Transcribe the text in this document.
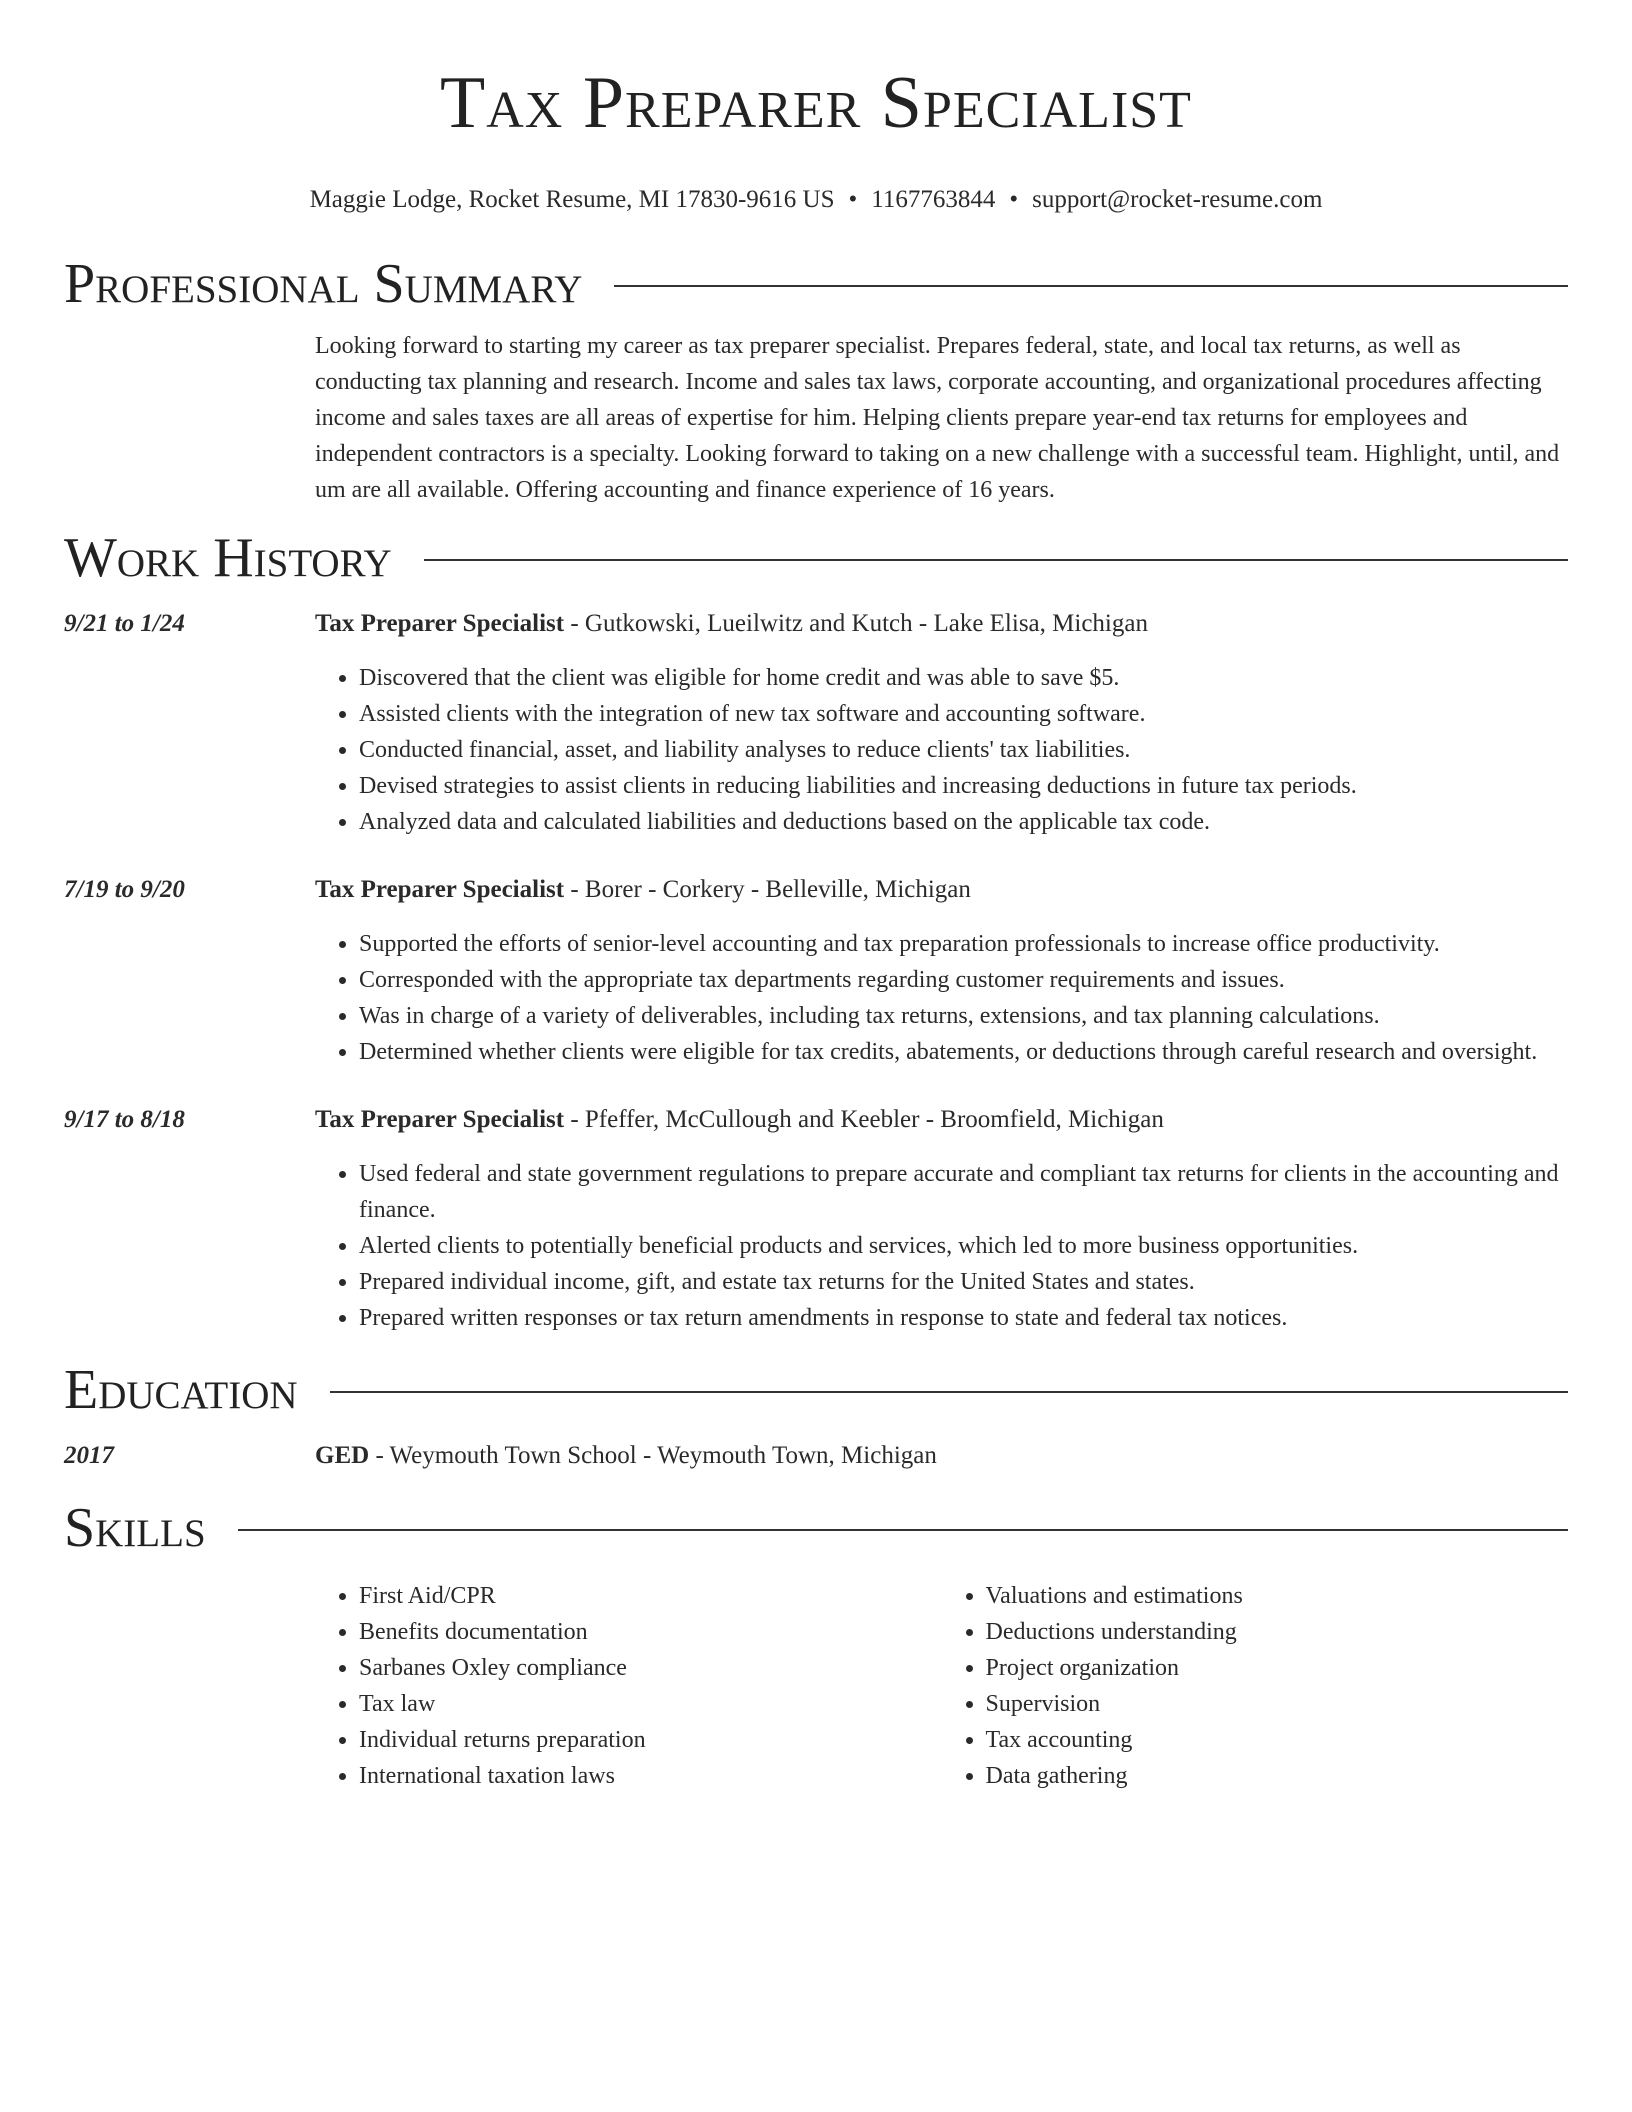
Tax Preparer Specialist
Maggie Lodge, Rocket Resume, MI 17830-9616 US • 1167763844 • support@rocket-resume.com
Professional Summary
Looking forward to starting my career as tax preparer specialist. Prepares federal, state, and local tax returns, as well as conducting tax planning and research. Income and sales tax laws, corporate accounting, and organizational procedures affecting income and sales taxes are all areas of expertise for him. Helping clients prepare year-end tax returns for employees and independent contractors is a specialty. Looking forward to taking on a new challenge with a successful team. Highlight, until, and um are all available. Offering accounting and finance experience of 16 years.
Work History
9/21 to 1/24	Tax Preparer Specialist - Gutkowski, Lueilwitz and Kutch - Lake Elisa, Michigan
• Discovered that the client was eligible for home credit and was able to save $5.
• Assisted clients with the integration of new tax software and accounting software.
• Conducted financial, asset, and liability analyses to reduce clients' tax liabilities.
• Devised strategies to assist clients in reducing liabilities and increasing deductions in future tax periods.
• Analyzed data and calculated liabilities and deductions based on the applicable tax code.
7/19 to 9/20	Tax Preparer Specialist - Borer - Corkery - Belleville, Michigan
• Supported the efforts of senior-level accounting and tax preparation professionals to increase office productivity.
• Corresponded with the appropriate tax departments regarding customer requirements and issues.
• Was in charge of a variety of deliverables, including tax returns, extensions, and tax planning calculations.
• Determined whether clients were eligible for tax credits, abatements, or deductions through careful research and oversight.
9/17 to 8/18	Tax Preparer Specialist - Pfeffer, McCullough and Keebler - Broomfield, Michigan
• Used federal and state government regulations to prepare accurate and compliant tax returns for clients in the accounting and finance.
• Alerted clients to potentially beneficial products and services, which led to more business opportunities.
• Prepared individual income, gift, and estate tax returns for the United States and states.
• Prepared written responses or tax return amendments in response to state and federal tax notices.
Education
2017	GED - Weymouth Town School - Weymouth Town, Michigan
Skills
• First Aid/CPR
• Benefits documentation
• Sarbanes Oxley compliance
• Tax law
• Individual returns preparation
• International taxation laws
• Valuations and estimations
• Deductions understanding
• Project organization
• Supervision
• Tax accounting
• Data gathering
